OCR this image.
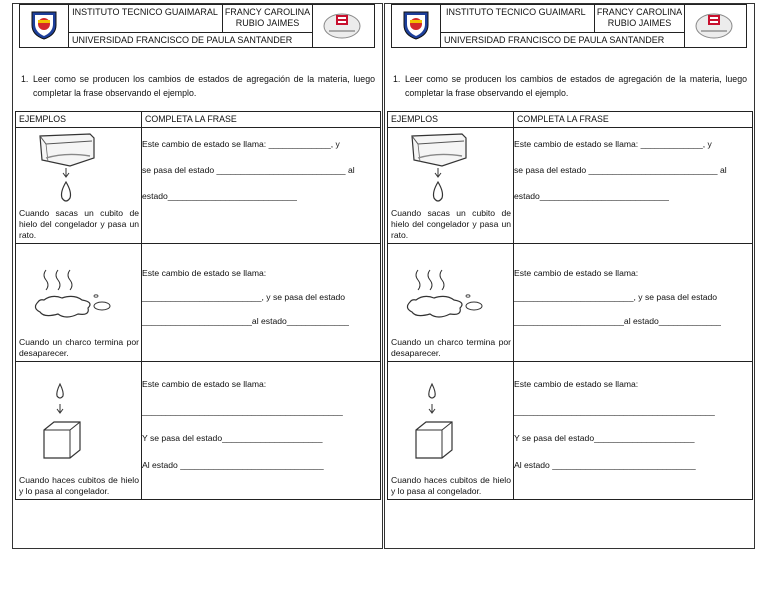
INSTITUTO TECNICO GUAIMARAL FRANCY CAROLINA RUBIO JAIMES
UNIVERSIDAD FRANCISCO DE PAULA SANTANDER
1. Leer como se producen los cambios de estados de agregación de la materia, luego completar la frase observando el ejemplo.
EJEMPLOS	COMPLETA LA FRASE

Cuando sacas un cubito de hielo del congelador y pasa un rato.	Este cambio de estado se llama: _____________, y

se pasa del estado ___________________________ al

estado___________________________

Cuando un charco termina por desaparecer.	Este cambio de estado se llama:

_________________________, y se pasa del estado

_______________________al estado_____________

Cuando haces cubitos de hielo y lo pasa al congelador.	Este cambio de estado se llama:

__________________________________________

Y se pasa del estado_____________________

Al estado ______________________________

INSTITUTO TECNICO GUAIMARL	FRANCY CAROLINA RUBIO JAIMES
UNIVERSIDAD FRANCISCO DE PAULA SANTANDER
1. Leer como se producen los cambios de estados de agregación de la materia, luego completar la frase observando el ejemplo.
EJEMPLOS	COMPLETA LA FRASE

Cuando sacas un cubito de hielo del congelador y pasa un rato.	Este cambio de estado se llama: _____________, y

se pasa del estado ___________________________ al

estado___________________________

Cuando un charco termina por desaparecer.	Este cambio de estado se llama:

_________________________, y se pasa del estado

_______________________al estado_____________

Cuando haces cubitos de hielo y lo pasa al congelador.	Este cambio de estado se llama:

__________________________________________

Y se pasa del estado_____________________

Al estado ______________________________
